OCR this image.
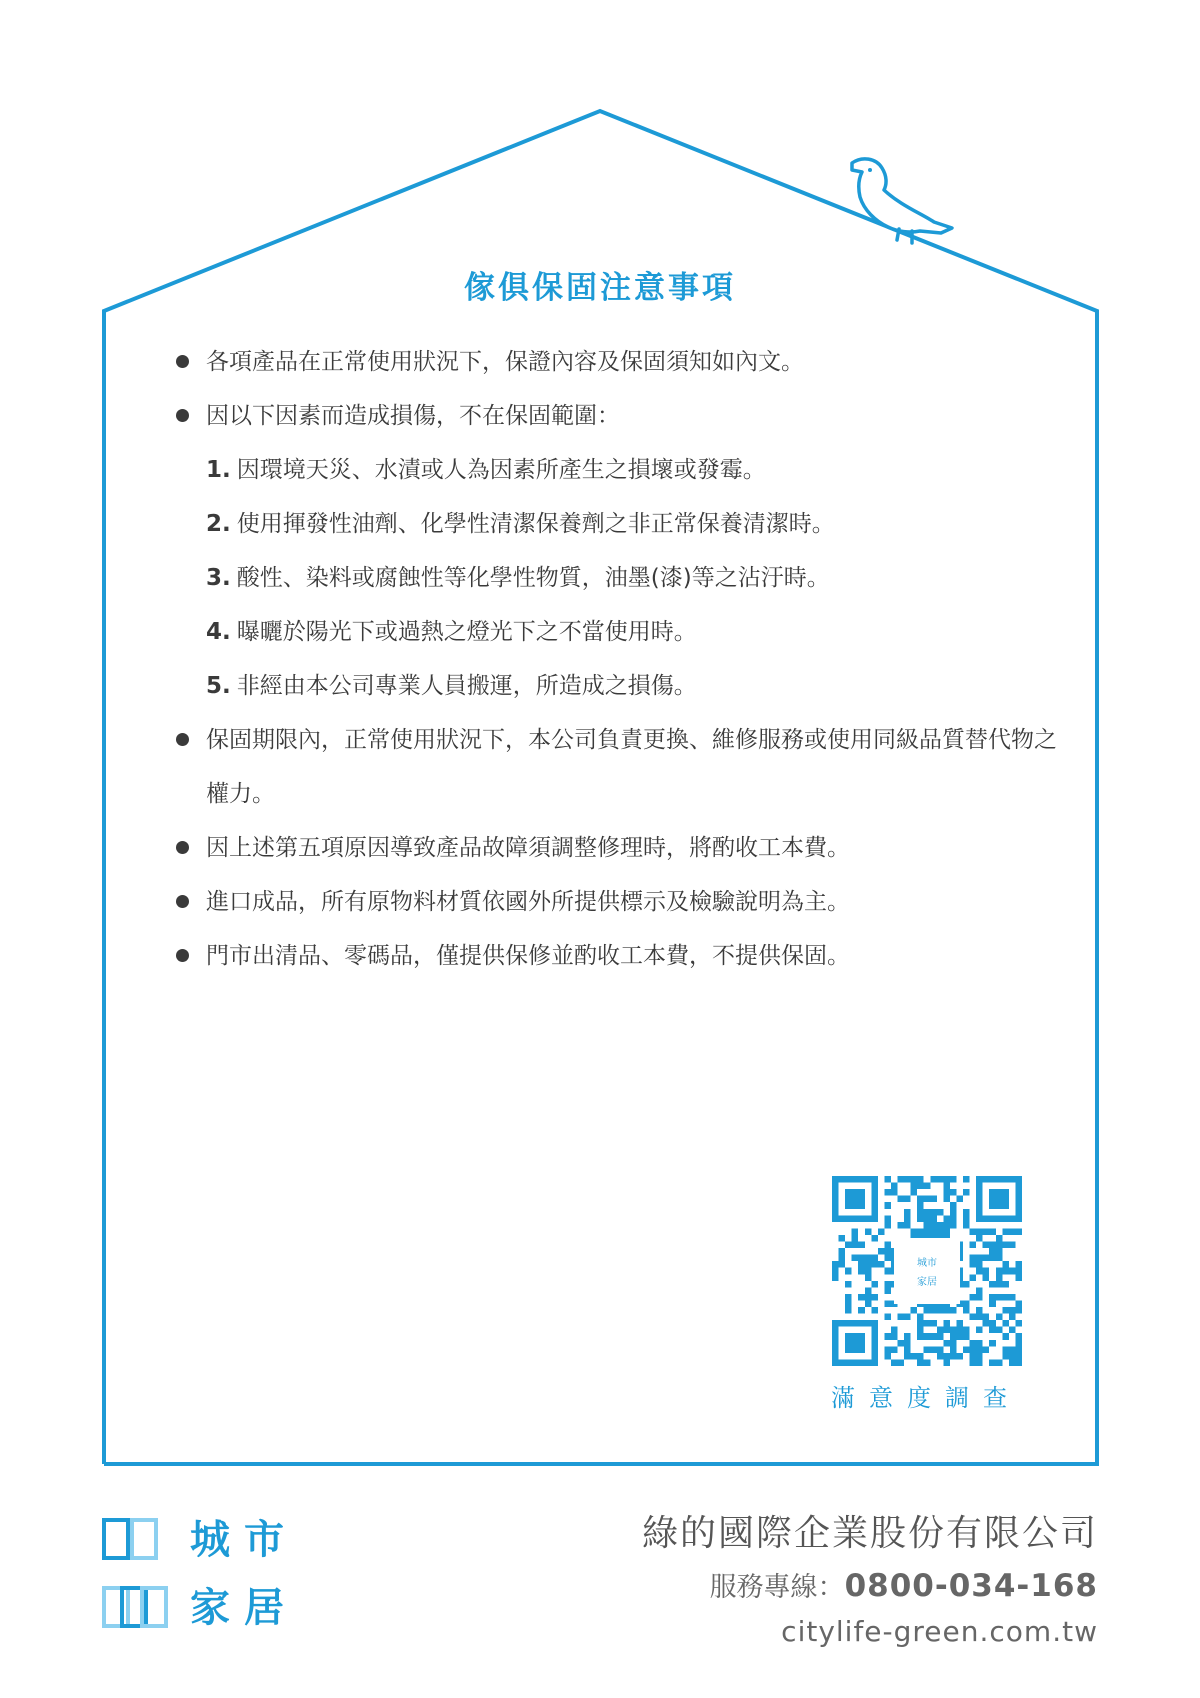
傢俱保固注意事項
各項產品在正常使用狀況下，保證內容及保固須知如內文。
因以下因素而造成損傷，不在保固範圍：
1. 因環境天災、水漬或人為因素所產生之損壞或發霉。
2. 使用揮發性油劑、化學性清潔保養劑之非正常保養清潔時。
3. 酸性、染料或腐蝕性等化學性物質，油墨(漆)等之沾汙時。
4. 曝曬於陽光下或過熱之燈光下之不當使用時。
5. 非經由本公司專業人員搬運，所造成之損傷。
保固期限內，正常使用狀況下，本公司負責更換、維修服務或使用同級品質替代物之權力。
因上述第五項原因導致產品故障須調整修理時，將酌收工本費。
進口成品，所有原物料材質依國外所提供標示及檢驗說明為主。
門市出清品、零碼品，僅提供保修並酌收工本費，不提供保固。
城市
家居
滿意度調查
城市
家居
綠的國際企業股份有限公司
服務專線：0800-034-168
citylife-green.com.tw
